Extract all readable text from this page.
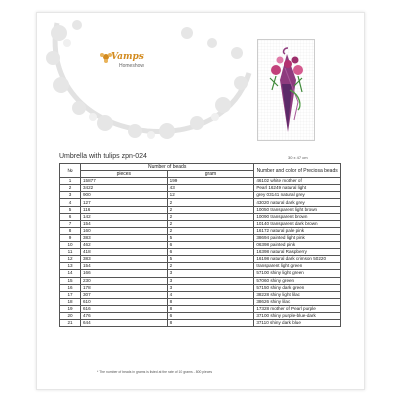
Vamps
Homeshow
Umbrella with tulips zpn-024	30 x 47 cm
№	Number of beads		Number and color of Preciosa beads
	pieces	gram	
1	15877	199	46102 white mother of
2	3422	43	Pearl 16249 natural light
3	900	12	grey 03141 natural grey
4	127	2	43020 natural dark grey
5	116	2	10050 transparent light brown
6	142	2	10090 transparent brown
7	154	2	10140 transparent dark brown
8	160	2	16172 natural pale pink
9	383	5	38694 painted light pink
10	462	6	06398 painted pink
11	418	6	16398 natural Raspberry
12	383	5	16198 natural dark crimson 50220
13	154	2	transparent light green
14	166	3	57100 shiny light green
15	230	3	57060 shiny green
16	178	3	57150 shiny dark green
17	307	4	38228 shiny light lilac
18	610	8	38626 shiny lilac
19	616	8	17328 mother of Pearl purple
20	476	6	37100 shiny purple-blue-dark
21	644	8	37110 shiny dark blue
* The number of beads in grams is listed at the rate of 10 grams - 800 pieces
